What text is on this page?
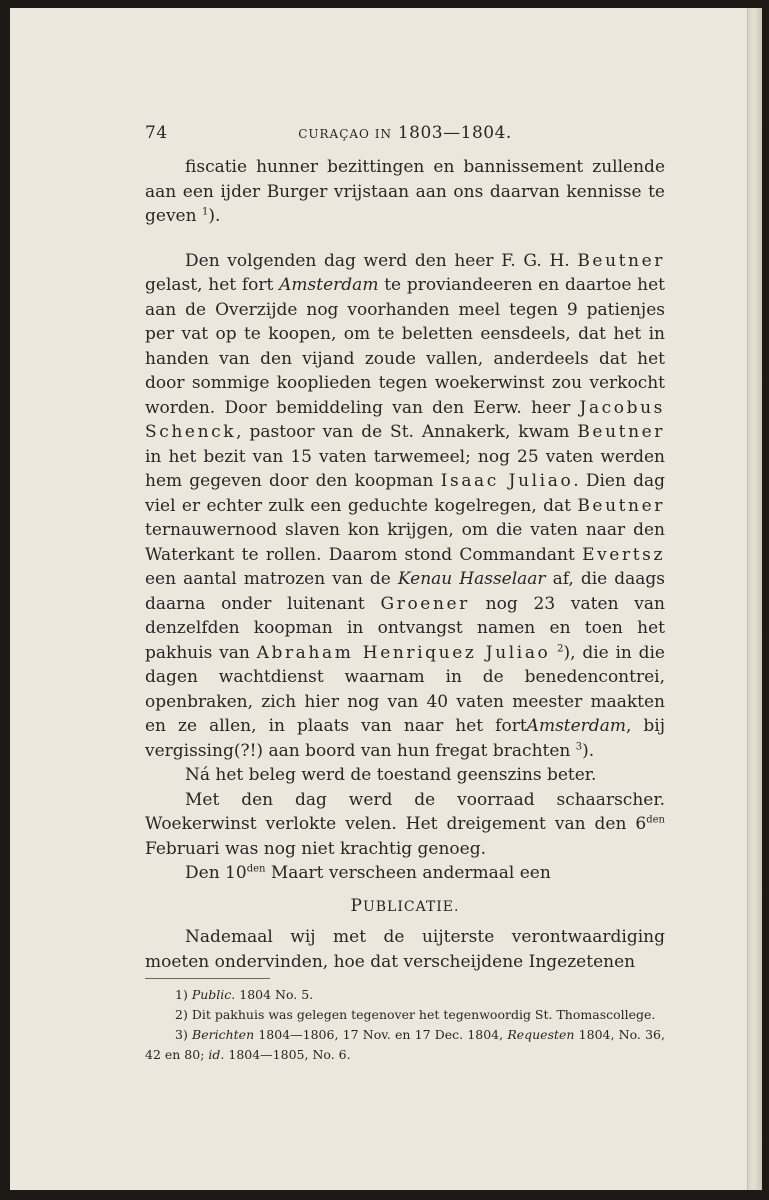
74	CURAÇAO IN 1803—1804.

fiscatie hunner bezittingen en bannissement zullende aan een ijder Burger vrijstaan aan ons daarvan kennisse te geven $^1$).

Den volgenden dag werd den heer F. G. H. Beutner gelast, het fort Amsterdam te proviandeeren en daartoe het aan de Overzijde nog voorhanden meel tegen 9 patienjes per vat op te koopen, om te beletten eensdeels, dat het in handen van den vijand zoude vallen, anderdeels dat het door sommige kooplieden tegen woekerwinst zou verkocht worden. Door bemiddeling van den Eerw. heer Jacobus Schenck, pastoor van de St. Annakerk, kwam Beutner in het bezit van 15 vaten tarwemeel; nog 25 vaten werden hem gegeven door den koopman Isaac Juliao. Dien dag viel er echter zulk een geduchte kogelregen, dat Beutner ternauwernood slaven kon krijgen, om die vaten naar den Waterkant te rollen. Daarom stond Commandant Evertsz een aantal matrozen van de Kenau Hasselaar af, die daags daarna onder luitenant Groener nog 23 vaten van denzelfden koopman in ontvangst namen en toen het pakhuis van Abraham Henriquez Juliao $^2$), die in die dagen wachtdienst waarnam in de benedencontrei, openbraken, zich hier nog van 40 vaten meester maakten en ze allen, in plaats van naar het fortAmsterdam, bij vergissing(?!) aan boord van hun fregat brachten $^3$).

Ná het beleg werd de toestand geenszins beter.

Met den dag werd de voorraad schaarscher. Woekerwinst verlokte velen. Het dreigement van den $6^{den}$ Februari was nog niet krachtig genoeg.

Den $10^{den}$ Maart verscheen andermaal een

PUBLICATIE.

Nademaal wij met de uijterste verontwaardiging moeten ondervinden, hoe dat verscheijdene Ingezetenen

1) Public. 1804 No. 5.

2) Dit pakhuis was gelegen tegenover het tegenwoordig St. Thomascollege.

3) Berichten 1804—1806, 17 Nov. en 17 Dec. 1804, Requesten 1804, No. 36, 42 en 80; id. 1804—1805, No. 6.
